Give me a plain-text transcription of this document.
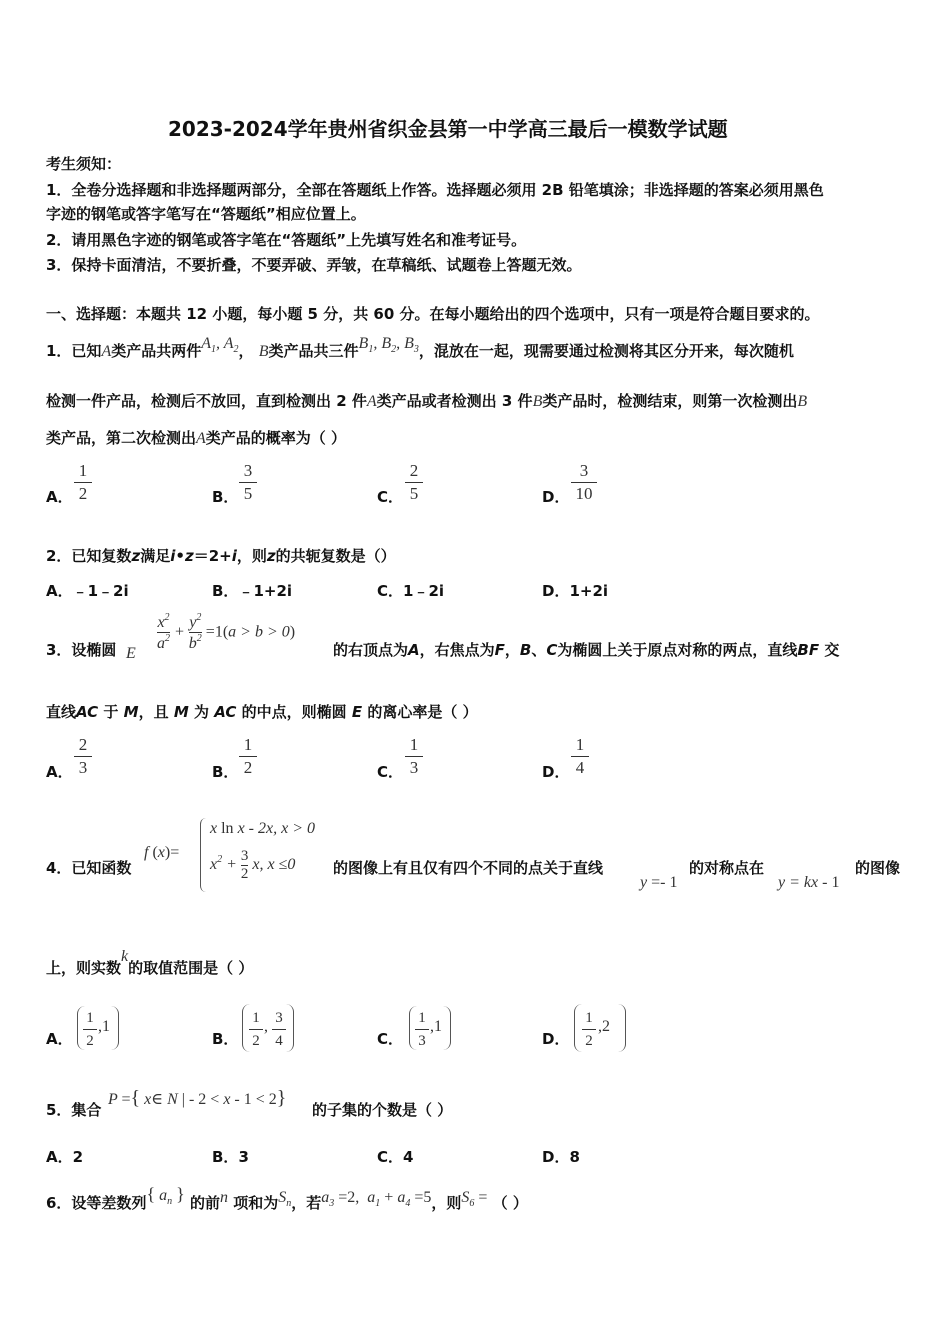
2023-2024学年贵州省织金县第一中学高三最后一模数学试题
考生须知：
1．全卷分选择题和非选择题两部分，全部在答题纸上作答。选择题必须用 2B 铅笔填涂；非选择题的答案必须用黑色
字迹的钢笔或答字笔写在“答题纸”相应位置上。
2．请用黑色字迹的钢笔或答字笔在“答题纸”上先填写姓名和准考证号。
3．保持卡面清洁，不要折叠，不要弄破、弄皱，在草稿纸、试题卷上答题无效。
一、选择题：本题共 12 小题，每小题 5 分，共 60 分。在每小题给出的四个选项中，只有一项是符合题目要求的。
1．已知A类产品共两件$A_1$, $A_2$， B类产品共三件$B_1$, $B_2$, $B_3$，混放在一起，现需要通过检测将其区分开来，每次随机
检测一件产品，检测后不放回，直到检测出 2 件A类产品或者检测出 3 件B类产品时，检测结束，则第一次检测出B
类产品，第二次检测出A类产品的概率为（ ）
A．
1
2	B．
3
5	C．
2
5	D．
3
10
2．已知复数z满足i•z＝2+i，则z的共轭复数是（）
A．﹣1﹣2i	B．﹣1+2i	C．1﹣2i	D．1+2i
3．设椭圆 E
$x^2$

$a^2 + y^2$

$b^2 =1(a > b > 0)$
的右顶点为A，右焦点为F，B、C为椭圆上关于原点对称的两点，直线BF 交
直线AC 于 M，且 M 为 AC 的中点，则椭圆 E 的离心率是（ ）
A．
2
3	B．
1
2	C．
1
3	D．
1
4
4．已知函数
f (x)=
x ln x - 2x, x > 0
$x^2 + 3$
2
x, x ≤0	的图像上有且仅有四个不同的点关于直线
y =- 1
的对称点在
y = kx - 1
的图像
上，则实数k的取值范围是（ ）
A．
1
2
,1
B．
1
2
, 3
4	C．
1
3
,1
D．
1
2
,2
5．集合
P ={ x∈ N | - 2 < x - 1 < 2}
的子集的个数是（ ）
A．2	B．3	C．4	D．8
6．设等差数列{ $a_n$ } 的前n 项和为$S_n$，若$a_3 =2$,  $a_1 + a_4 =5$，则$S_6$ = （ ）
